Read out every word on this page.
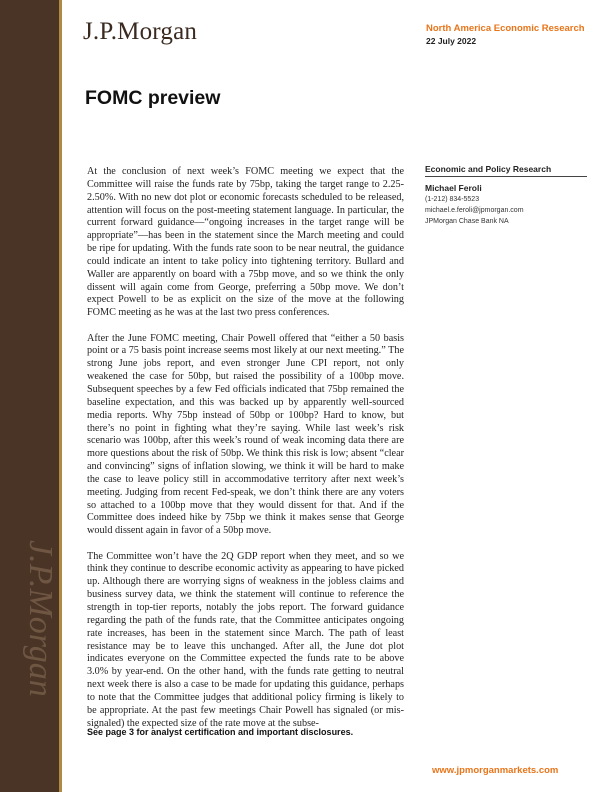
J.P.Morgan
J.P.Morgan	North America Economic Research
22 July 2022
FOMC preview

At the conclusion of next week’s FOMC meeting we expect that the Committee will raise the funds rate by 75bp, taking the target range to 2.25-2.50%. With no new dot plot or economic forecasts scheduled to be released, attention will focus on the post-meeting statement language. In particular, the current forward guidance—“ongoing increases in the target range will be appropriate”—has been in the statement since the March meeting and could be ripe for updating. With the funds rate soon to be near neutral, the guidance could indicate an intent to take policy into tightening territory. Bullard and Waller are apparently on board with a 75bp move, and so we think the only dissent will again come from George, preferring a 50bp move. We don’t expect Powell to be as explicit on the size of the move at the following FOMC meeting as he was at the last two press conferences.

After the June FOMC meeting, Chair Powell offered that “either a 50 basis point or a 75 basis point increase seems most likely at our next meeting.” The strong June jobs report, and even stronger June CPI report, not only weakened the case for 50bp, but raised the possibility of a 100bp move. Subsequent speeches by a few Fed officials indicated that 75bp remained the baseline expectation, and this was backed up by apparently well-sourced media reports. Why 75bp instead of 50bp or 100bp? Hard to know, but there’s no point in fighting what they’re saying. While last week’s risk scenario was 100bp, after this week’s round of weak incoming data there are more questions about the risk of 50bp. We think this risk is low; absent “clear and convincing” signs of inflation slowing, we think it will be hard to make the case to leave policy still in accommodative territory after next week’s meeting. Judging from recent Fed-speak, we don’t think there are any voters so attached to a 100bp move that they would dissent for that. And if the Committee does indeed hike by 75bp we think it makes sense that George would dissent again in favor of a 50bp move.

The Committee won’t have the 2Q GDP report when they meet, and so we think they continue to describe economic activity as appearing to have picked up. Although there are worrying signs of weakness in the jobless claims and business survey data, we think the statement will continue to reference the strength in top-tier reports, notably the jobs report. The forward guidance regarding the path of the funds rate, that the Committee anticipates ongoing rate increases, has been in the statement since March. The path of least resistance may be to leave this unchanged. After all, the June dot plot indicates everyone on the Committee expected the funds rate to be above 3.0% by year-end. On the other hand, with the funds rate getting to neutral next week there is also a case to be made for updating this guidance, perhaps to note that the Committee judges that additional policy firming is likely to be appropriate. At the past few meetings Chair Powell has signaled (or mis-signaled) the expected size of the rate move at the subse-

Economic and Policy Research
Michael Feroli
(1-212) 834-5523
michael.e.feroli@jpmorgan.com
JPMorgan Chase Bank NA
See page 3 for analyst certification and important disclosures.
www.jpmorganmarkets.com
